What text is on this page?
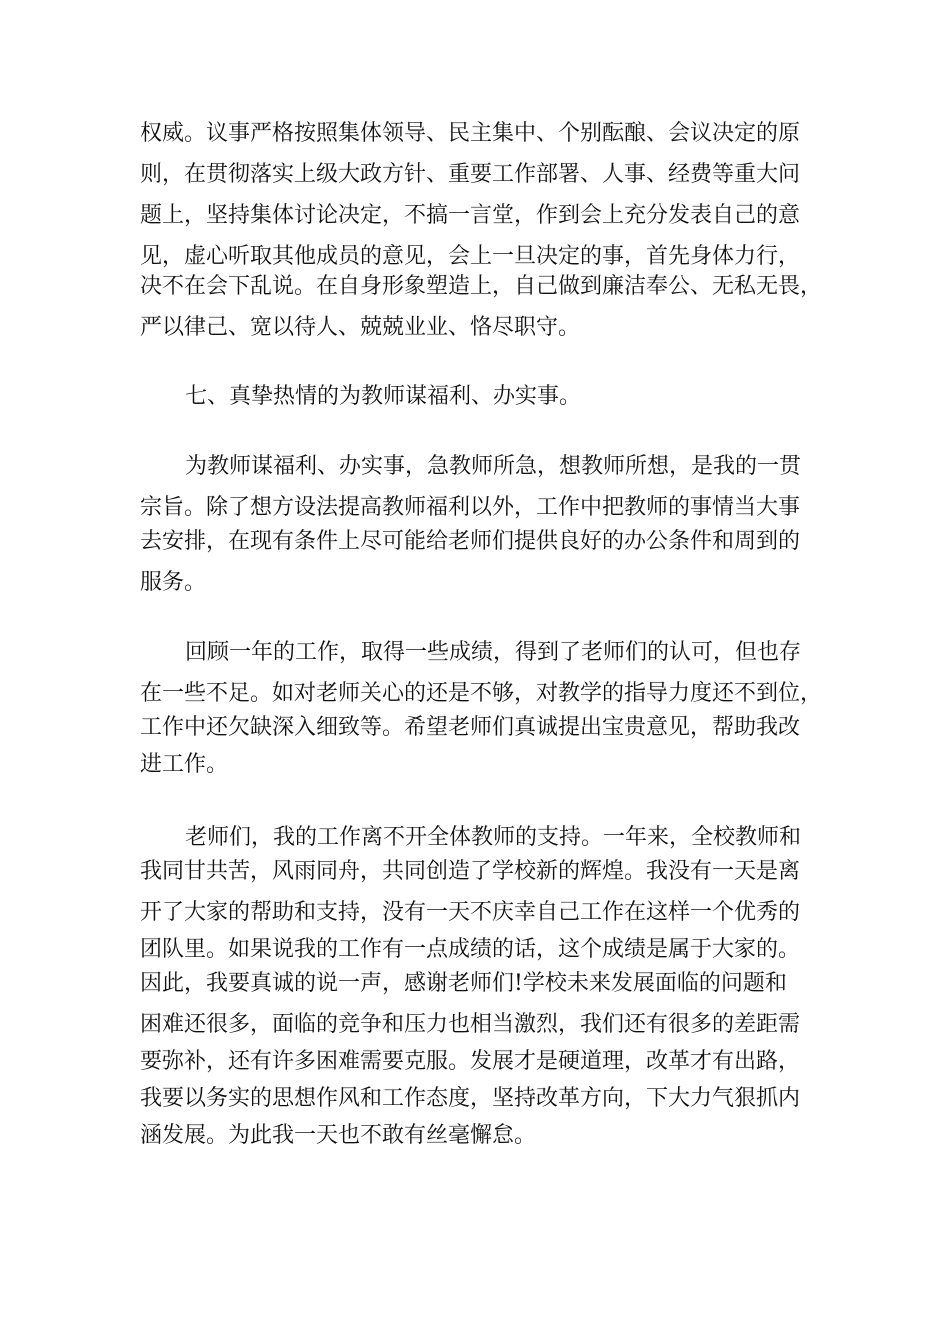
权威。议事严格按照集体领导、民主集中、个别酝酿、会议决定的原

则，在贯彻落实上级大政方针、重要工作部署、人事、经费等重大问

题上，坚持集体讨论决定，不搞一言堂，作到会上充分发表自己的意

见，虚心听取其他成员的意见，会上一旦决定的事，首先身体力行，

决不在会下乱说。在自身形象塑造上，自己做到廉洁奉公、无私无畏，

严以律己、宽以待人、兢兢业业、恪尽职守。

七、真挚热情的为教师谋福利、办实事。

为教师谋福利、办实事，急教师所急，想教师所想，是我的一贯

宗旨。除了想方设法提高教师福利以外，工作中把教师的事情当大事

去安排，在现有条件上尽可能给老师们提供良好的办公条件和周到的

服务。

回顾一年的工作，取得一些成绩，得到了老师们的认可，但也存

在一些不足。如对老师关心的还是不够，对教学的指导力度还不到位，

工作中还欠缺深入细致等。希望老师们真诚提出宝贵意见，帮助我改

进工作。

老师们，我的工作离不开全体教师的支持。一年来，全校教师和

我同甘共苦，风雨同舟，共同创造了学校新的辉煌。我没有一天是离

开了大家的帮助和支持，没有一天不庆幸自己工作在这样一个优秀的

团队里。如果说我的工作有一点成绩的话，这个成绩是属于大家的。

因此，我要真诚的说一声，感谢老师们!学校未来发展面临的问题和

困难还很多，面临的竞争和压力也相当激烈，我们还有很多的差距需

要弥补，还有许多困难需要克服。发展才是硬道理，改革才有出路，

我要以务实的思想作风和工作态度，坚持改革方向，下大力气狠抓内

涵发展。为此我一天也不敢有丝毫懈怠。
